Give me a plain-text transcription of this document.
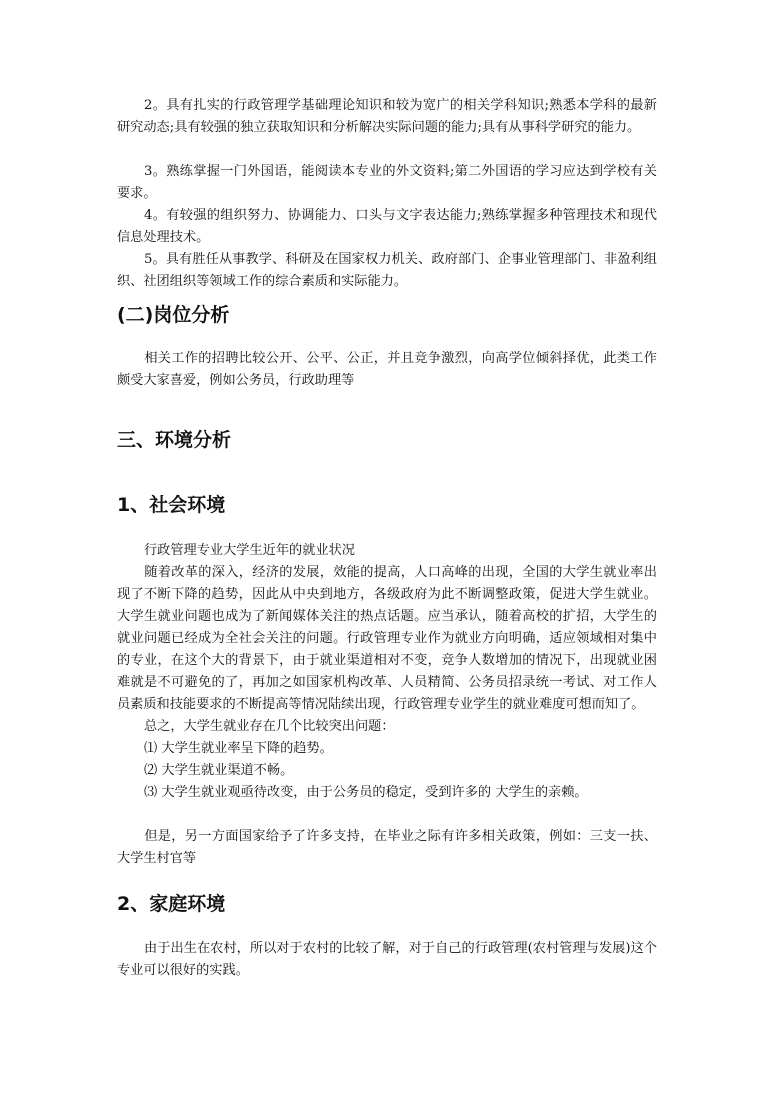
2。具有扎实的行政管理学基础理论知识和较为宽广的相关学科知识;熟悉本学科的最新研究动态;具有较强的独立获取知识和分析解决实际问题的能力;具有从事科学研究的能力。

3。熟练掌握一门外国语，能阅读本专业的外文资料;第二外国语的学习应达到学校有关要求。

4。有较强的组织努力、协调能力、口头与文字表达能力;熟练掌握多种管理技术和现代信息处理技术。

5。具有胜任从事教学、科研及在国家权力机关、政府部门、企事业管理部门、非盈利组织、社团组织等领域工作的综合素质和实际能力。

(二)岗位分析

相关工作的招聘比较公开、公平、公正，并且竞争激烈，向高学位倾斜择优，此类工作颇受大家喜爱，例如公务员，行政助理等

三、环境分析
1、社会环境

行政管理专业大学生近年的就业状况

随着改革的深入，经济的发展，效能的提高，人口高峰的出现，全国的大学生就业率出现了不断下降的趋势，因此从中央到地方，各级政府为此不断调整政策，促进大学生就业。大学生就业问题也成为了新闻媒体关注的热点话题。应当承认，随着高校的扩招，大学生的就业问题已经成为全社会关注的问题。行政管理专业作为就业方向明确，适应领域相对集中的专业，在这个大的背景下，由于就业渠道相对不变，竞争人数增加的情况下，出现就业困难就是不可避免的了，再加之如国家机构改革、人员精简、公务员招录统一考试、对工作人员素质和技能要求的不断提高等情况陆续出现，行政管理专业学生的就业难度可想而知了。

总之，大学生就业存在几个比较突出问题：

⑴ 大学生就业率呈下降的趋势。

⑵ 大学生就业渠道不畅。

⑶ 大学生就业观亟待改变，由于公务员的稳定，受到许多的 大学生的亲赖。

但是，另一方面国家给予了许多支持，在毕业之际有许多相关政策，例如：三支一扶、大学生村官等

2、家庭环境

由于出生在农村，所以对于农村的比较了解，对于自己的行政管理(农村管理与发展)这个专业可以很好的实践。
